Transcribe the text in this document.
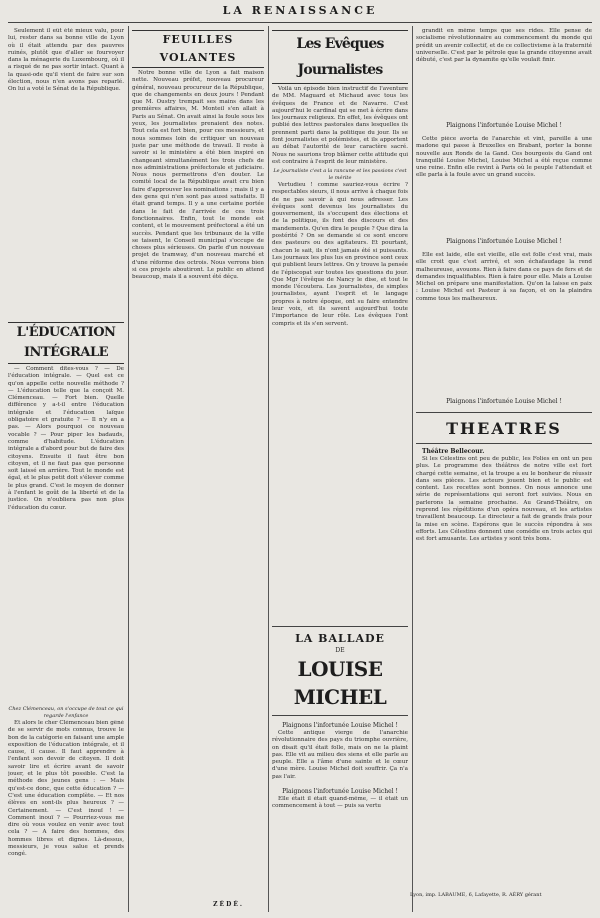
LA RENAISSANCE

Seulement il eût été mieux valu, pour lui, rester dans sa bonne ville de Lyon où il était attendu par des pauvres ruinés, plutôt que d'aller se fourvoyer dans la ménagerie du Luxembourg, où il a risqué de ne pas sortir intact. Quant à la quasi-ode qu'il vient de faire sur son élection, nous n'en avons pas reparlé. On lui a voté le Sénat de la République.

L'ÉDUCATION INTÉGRALE

— Comment dites-vous ? — De l'éducation intégrale. — Quel est ce qu'on appelle cette nouvelle méthode ? — L'éducation telle que la conçoit M. Clémenceau. — Fort bien. Quelle différence y a-t-il entre l'éducation intégrale et l'éducation laïque obligatoire et gratuite ? — Il n'y en a pas. — Alors pourquoi ce nouveau vocable ? — Pour piper les badauds, comme d'habitude. L'éducation intégrale a d'abord pour but de faire des citoyens. Ensuite il faut être bon citoyen, et il ne faut pas que personne soit laissé en arrière. Tout le monde est égal, et le plus petit doit s'élever comme le plus grand. C'est le moyen de donner à l'enfant le goût de la liberté et de la justice. On n'oubliera pas non plus l'éducation du cœur.

Chez Clémenceau, on s'occupe de tout ce qui regarde l'enfance

Et alors le cher Clémenceau bien gêné de se servir de mots connus, trouve le bon de la catégorie en faisant une ample exposition de l'éducation intégrale, et il cause, il cause. Il faut apprendre à l'enfant son devoir de citoyen. Il doit savoir lire et écrire avant de savoir jouer, et le plus tôt possible. C'est la méthode des jeunes gens : — Mais qu'est-ce donc, que cette éducation ? — C'est une éducation complète. — Et nos élèves en sont-ils plus heureux ? — Certainement. — C'est inouï ! — Comment inouï ? — Pourriez-vous me dire où vous voulez en venir avec tout cela ? — A faire des hommes, des hommes libres et dignes. Là-dessus, messieurs, je vous salue et prends congé.

FEUILLES VOLANTES

Notre bonne ville de Lyon a fait maison nette. Nouveau préfet, nouveau procureur général, nouveau procureur de la République, que de changements en deux jours ! Pendant que M. Oustry trempait ses mains dans les premières affaires, M. Monteil s'en allait à Paris au Sénat. On avait ainsi la foule sous les yeux, les journalistes prenaient des notes. Tout cela est fort bien, pour ces messieurs, et nous sommes loin de critiquer un nouveau juste par une méthode de travail. Il reste à savoir si le ministère a été bien inspiré en changeant simultanément les trois chefs de nos administrations préfectorale et judiciaire. Nous nous permettrons d'en douter. Le comité local de la République avait cru bien faire d'approuver les nominations ; mais il y a des gens qui n'en sont pas aussi satisfaits. Il était grand temps. Il y a une certaine portée dans le fait de l'arrivée de ces trois fonctionnaires. Enfin, tout le monde est content, et le mouvement préfectoral a été un succès. Pendant que les tribunaux de la ville se taisent, le Conseil municipal s'occupe de choses plus sérieuses. On parle d'un nouveau projet de tramway, d'un nouveau marché et d'une réforme des octrois. Nous verrons bien si ces projets aboutiront. Le public en attend beaucoup, mais il a souvent été déçu.

ZÉDÉ.
Les Evêques Journalistes

Voilà un épisode bien instructif de l'aventure de MM. Maguard et Michaud avec tous les évêques de France et de Navarre. C'est aujourd'hui le cardinal qui se met à écrire dans les journaux religieux. En effet, les évêques ont publié des lettres pastorales dans lesquelles ils prennent parti dans la politique du jour. Ils se font journalistes et polémistes, et ils apportent au débat l'autorité de leur caractère sacré. Nous ne saurions trop blâmer cette attitude qui est contraire à l'esprit de leur ministère.

Le journaliste c'est a la rancune et les passions c'est le mérite

Vertudieu ! comme sauriez-vous écrire ? respectables sieurs, il nous arrive à chaque fois de ne pas savoir à qui nous adresser. Les évêques sont devenus les journalistes du gouvernement, ils s'occupent des élections et de la politique, ils font des discours et des mandements. Qu'en dira le peuple ? Que dira la postérité ? On se demande si ce sont encore des pasteurs ou des agitateurs. Et pourtant, chacun le sait, ils n'ont jamais été si puissants. Les journaux les plus lus en province sont ceux qui publient leurs lettres. On y trouve la pensée de l'épiscopat sur toutes les questions du jour. Que Mgr l'évêque de Nancy le dise, et tout le monde l'écoutera. Les journalistes, de simples journalistes, ayant l'esprit et le langage propres à notre époque, ont su faire entendre leur voix, et ils savent aujourd'hui toute l'importance de leur rôle. Les évêques l'ont compris et ils s'en servent.

LA BALLADE
DE
LOUISE MICHEL
Plaignons l'infortunée Louise Michel !

Cette antique vierge de l'anarchie révolutionnaire des pays du triomphe ouvrière, on disait qu'il était folle, mais on ne la plaint pas. Elle vit au milieu des siens et elle parle au peuple. Elle a l'âme d'une sainte et le cœur d'une mère. Louise Michel doit souffrir. Ça n'a pas l'air.

Plaignons l'infortunée Louise Michel !

Elle était il était quand-même, — il était un commencement à tout — puis sa vertu

grandit en même temps que ses rides. Elle pense de socialisme révolutionnaire au commencement du monde qui prédit un avenir collectif, et de ce collectivisme à la fraternité universelle. C'est par le pétrole que la grande citoyenne avait débuté, c'est par la dynamite qu'elle voulait finir.

Plaignons l'infortunée Louise Michel !

Cette pièce avorta de l'anarchie et vint, pareille à une madone qui passe à Bruxelles en Brabant, porter la bonne nouvelle aux Ronds de la Gand. Ces bourgeois du Gand ont tranquillé Louise Michel, Louise Michel a été reçue comme une reine. Enfin elle revint à Paris où le peuple l'attendait et elle parla à la foule avec un grand succès.

Plaignons l'infortunée Louise Michel !

Elle est laide, elle est vieille, elle est folle c'est vrai, mais elle croit que c'est arrivé, et son échafaudage la rend malheureuse, avouons. Rien à faire dans ce pays de fers et de demandes inqualifiables. Rien à faire pour elle. Mais a Louise Michel on prépare une manifestation. Qu'on la laisse en paix : Louise Michel est Pasteur à sa façon, et on la plaindra comme tous les malheureux.

Plaignons l'infortunée Louise Michel !
THEATRES
Théâtre Bellecour.

Si les Célestins ont peu de public, les Folies en ont un peu plus. Le programme des théâtres de notre ville est fort chargé cette semaine, et la troupe a eu le bonheur de réussir dans ses pièces. Les acteurs jouent bien et le public est content. Les recettes sont bonnes. On nous annonce une série de représentations qui seront fort suivies. Nous en parlerons la semaine prochaine. Au Grand-Théâtre, on reprend les répétitions d'un opéra nouveau, et les artistes travaillent beaucoup. Le directeur a fait de grands frais pour la mise en scène. Espérons que le succès répondra à ses efforts. Les Célestins donnent une comédie en trois actes qui est fort amusante. Les artistes y sont très bons.

Lyon, imp. LABAUME, 6, Lafayette, R. AÉRY gérant
